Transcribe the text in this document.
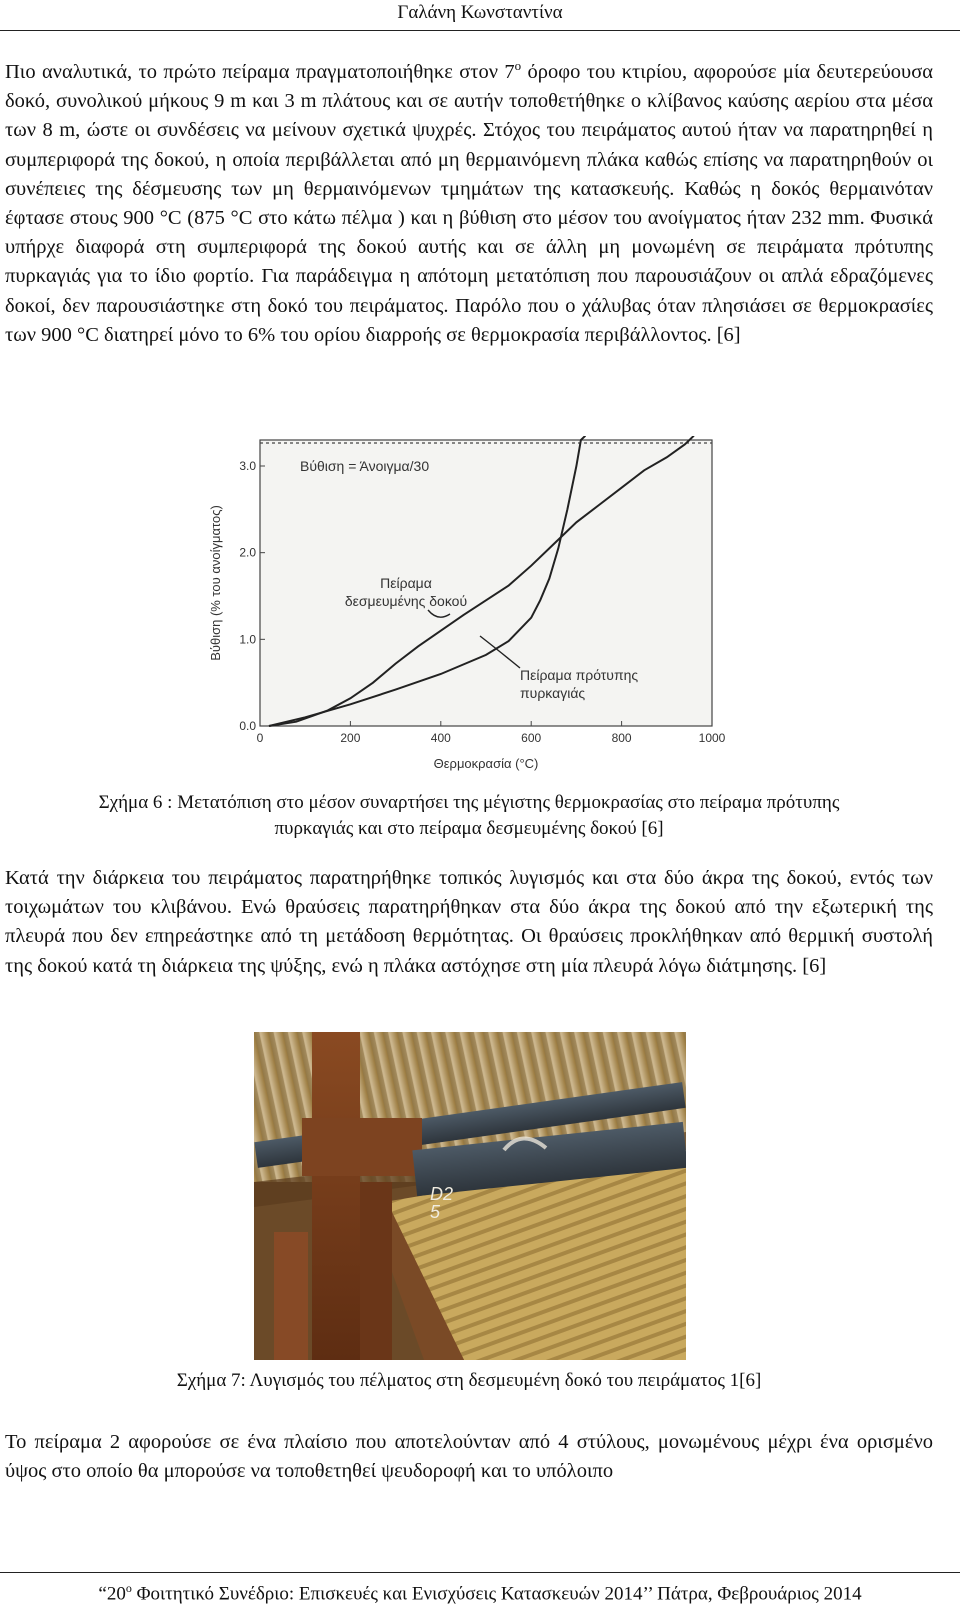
Γαλάνη Κωνσταντίνα

Πιο αναλυτικά, το πρώτο πείραμα πραγματοποιήθηκε στον $7^o$ όροφο του κτιρίου, αφορούσε μία δευτερεύουσα δοκό, συνολικού μήκους 9 m και 3 m πλάτους και σε αυτήν τοποθετήθηκε ο κλίβανος καύσης αερίου στα μέσα των 8 m, ώστε οι συνδέσεις να μείνουν σχετικά ψυχρές. Στόχος του πειράματος αυτού ήταν να παρατηρηθεί η συμπεριφορά της δοκού, η οποία περιβάλλεται από μη θερμαινόμενη πλάκα καθώς επίσης να παρατηρηθούν οι συνέπειες της δέσμευσης των μη θερμαινόμενων τμημάτων της κατασκευής. Καθώς η δοκός θερμαινόταν έφτασε στους 900 °C (875 °C στο κάτω πέλμα ) και η βύθιση στο μέσον του ανοίγματος ήταν 232 mm. Φυσικά υπήρχε διαφορά στη συμπεριφορά της δοκού αυτής και σε άλλη μη μονωμένη σε πειράματα πρότυπης πυρκαγιάς για το ίδιο φορτίο. Για παράδειγμα η απότομη μετατόπιση που παρουσιάζουν οι απλά εδραζόμενες δοκοί, δεν παρουσιάστηκε στη δοκό του πειράματος. Παρόλο που ο χάλυβας όταν πλησιάσει σε θερμοκρασίες των 900 °C διατηρεί μόνο το 6% του ορίου διαρροής σε θερμοκρασία περιβάλλοντος. [6]

0	200	400	600	800	1000
0.0
1.0
2.0
3.0
Θερμοκρασία (°C)
Βύθιση (% του ανοίγματος)
Βύθιση = Άνοιγμα/30
Πείραμα
δεσμευμένης δοκού
Πείραμα πρότυπης
πυρκαγιάς

Σχήμα 6 : Μετατόπιση στο μέσον συναρτήσει της μέγιστης θερμοκρασίας στο πείραμα πρότυπης
πυρκαγιάς και στο πείραμα δεσμευμένης δοκού [6]

Κατά την διάρκεια του πειράματος παρατηρήθηκε τοπικός λυγισμός και στα δύο άκρα της δοκού, εντός των τοιχωμάτων του κλιβάνου. Ενώ θραύσεις παρατηρήθηκαν στα δύο άκρα της δοκού από την εξωτερική της πλευρά που δεν επηρεάστηκε από τη μετάδοση θερμότητας. Οι θραύσεις προκλήθηκαν από θερμική συστολή της δοκού κατά τη διάρκεια της ψύξης, ενώ η πλάκα αστόχησε στη μία πλευρά λόγω διάτμησης. [6]

D2 5

Σχήμα 7: Λυγισμός του πέλματος στη δεσμευμένη δοκό του πειράματος 1[6]

Το πείραμα 2 αφορούσε σε ένα πλαίσιο που αποτελούνταν από 4 στύλους, μονωμένους μέχρι ένα ορισμένο ύψος στο οποίο θα μπορούσε να τοποθετηθεί ψευδοροφή και το υπόλοιπο

“$20^o$ Φοιτητικό Συνέδριο: Επισκευές και Ενισχύσεις Κατασκευών 2014’’ Πάτρα, Φεβρουάριος 2014
